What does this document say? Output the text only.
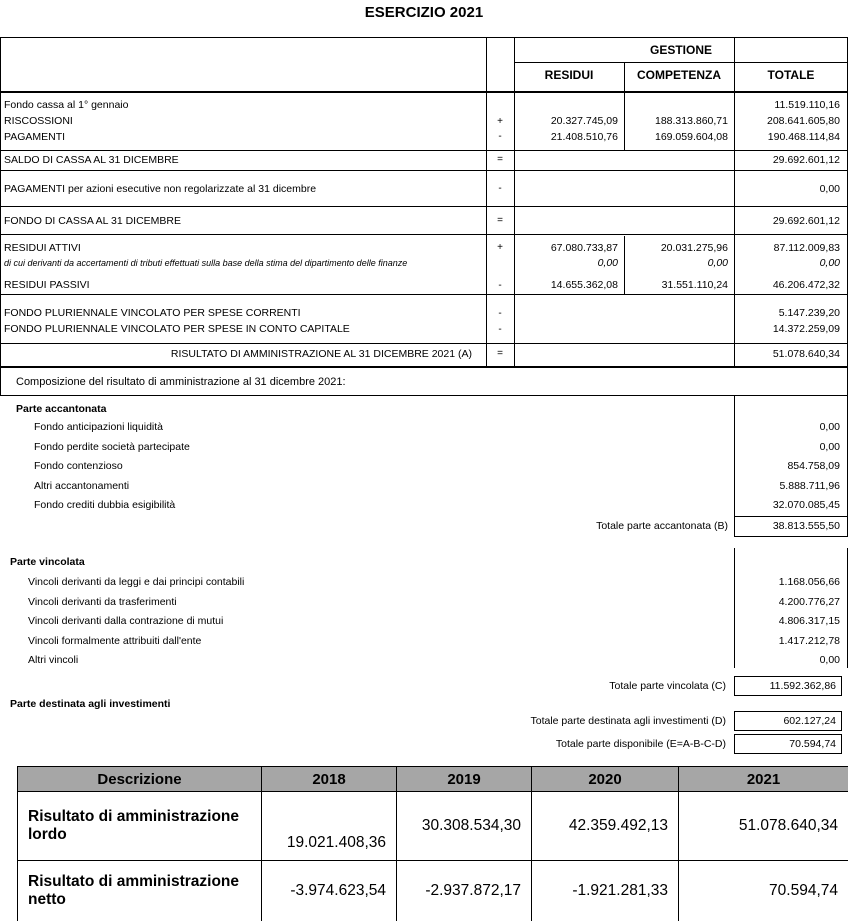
ESERCIZIO 2021
GESTIONE
RESIDUI	COMPETENZA	TOTALE
Fondo cassa al 1° gennaio	11.519.110,16
RISCOSSIONI	+	20.327.745,09	188.313.860,71	208.641.605,80
PAGAMENTI	-	21.408.510,76	169.059.604,08	190.468.114,84
SALDO DI CASSA AL 31 DICEMBRE	=	29.692.601,12
PAGAMENTI per azioni esecutive non regolarizzate al 31 dicembre	-	0,00
FONDO DI CASSA AL 31 DICEMBRE	=	29.692.601,12
RESIDUI ATTIVI	+	67.080.733,87	20.031.275,96	87.112.009,83
di cui derivanti da accertamenti di tributi effettuati sulla base della stima del dipartimento delle finanze	0,00	0,00	0,00
RESIDUI PASSIVI	-	14.655.362,08	31.551.110,24	46.206.472,32
FONDO PLURIENNALE VINCOLATO PER SPESE CORRENTI	-	5.147.239,20
FONDO PLURIENNALE VINCOLATO PER SPESE IN CONTO CAPITALE	-	14.372.259,09
RISULTATO DI AMMINISTRAZIONE AL 31 DICEMBRE 2021 (A)	=	51.078.640,34
Composizione del risultato di amministrazione al 31 dicembre 2021:
Parte accantonata
Fondo anticipazioni liquidità	0,00
Fondo perdite società partecipate	0,00
Fondo contenzioso	854.758,09
Altri accantonamenti	5.888.711,96
Fondo crediti dubbia esigibilità	32.070.085,45
Totale parte accantonata (B)	38.813.555,50
Parte vincolata
Vincoli derivanti da leggi e dai principi contabili	1.168.056,66
Vincoli derivanti da trasferimenti	4.200.776,27
Vincoli derivanti dalla contrazione di mutui	4.806.317,15
Vincoli formalmente attribuiti dall'ente	1.417.212,78
Altri vincoli	0,00
Totale parte vincolata (C)	11.592.362,86
Parte destinata agli investimenti
Totale parte destinata agli investimenti (D)	602.127,24
Totale parte disponibile (E=A-B-C-D)	70.594,74
Descrizione	2018	2019	2020	2021
Risultato di amministrazione lordo	19.021.408,36	30.308.534,30	42.359.492,13	51.078.640,34
Risultato di amministrazione netto	-3.974.623,54	-2.937.872,17	-1.921.281,33	70.594,74
